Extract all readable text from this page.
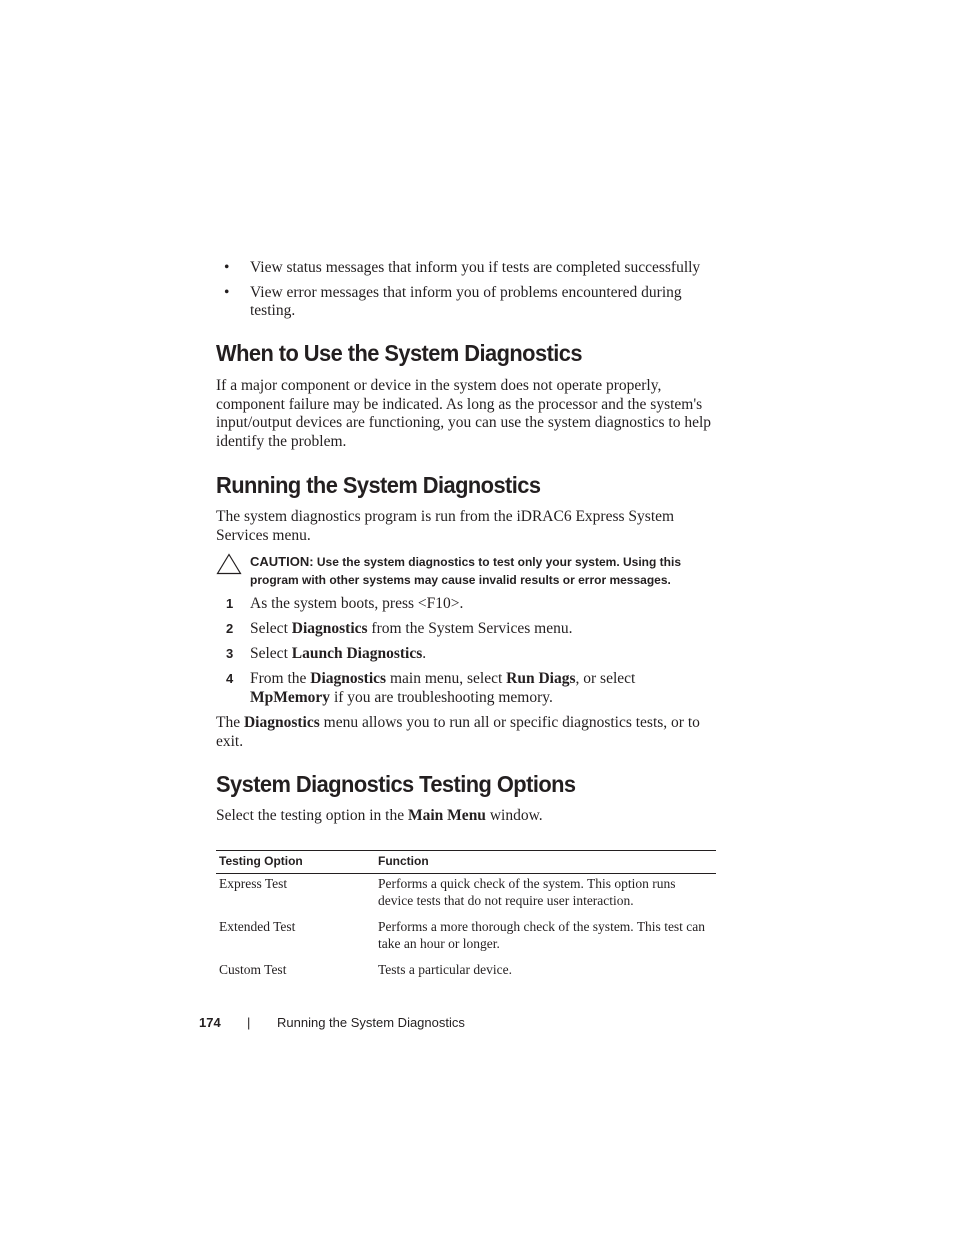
• View status messages that inform you if tests are completed successfully
• View error messages that inform you of problems encountered during testing.
When to Use the System Diagnostics

If a major component or device in the system does not operate properly, component failure may be indicated. As long as the processor and the system's input/output devices are functioning, you can use the system diagnostics to help identify the problem.

Running the System Diagnostics

The system diagnostics program is run from the iDRAC6 Express System Services menu.

CAUTION: Use the system diagnostics to test only your system. Using this program with other systems may cause invalid results or error messages.
1 As the system boots, press <F10>.
2 Select Diagnostics from the System Services menu.
3 Select Launch Diagnostics.
4 From the Diagnostics main menu, select Run Diags, or select MpMemory if you are troubleshooting memory.

The Diagnostics menu allows you to run all or specific diagnostics tests, or to exit.

System Diagnostics Testing Options

Select the testing option in the Main Menu window.

Testing Option	Function
Express Test	Performs a quick check of the system. This option runs device tests that do not require user interaction.
Extended Test	Performs a more thorough check of the system. This test can take an hour or longer.
Custom Test	Tests a particular device.
174 | Running the System Diagnostics
